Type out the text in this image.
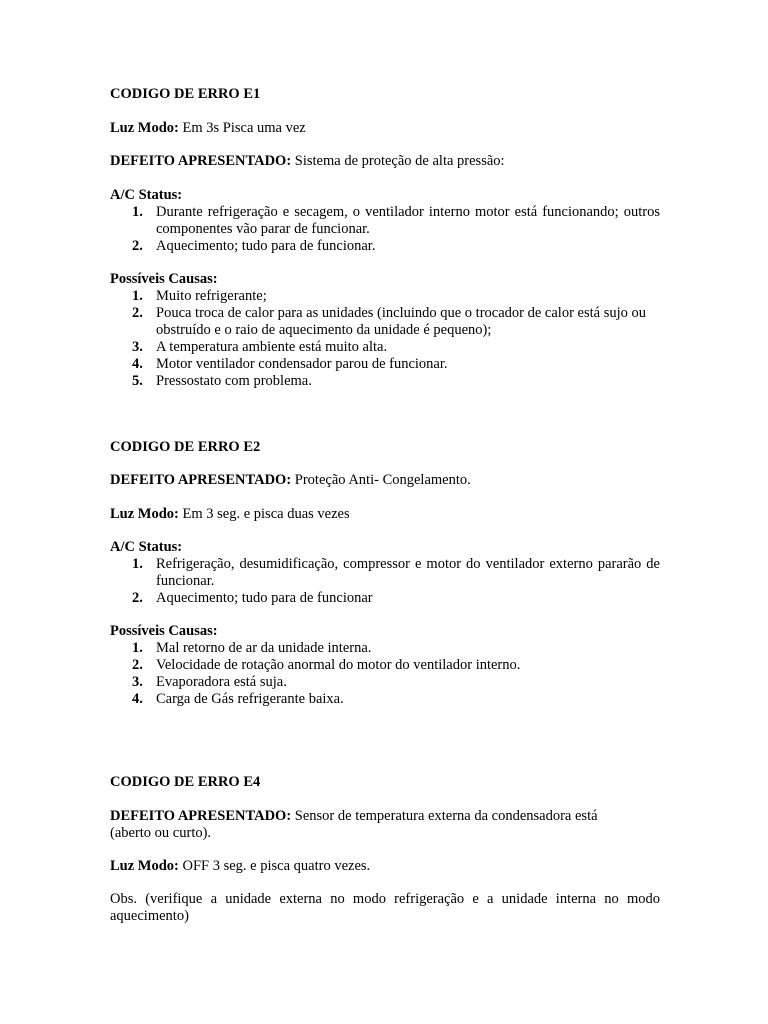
CODIGO DE ERRO E1

Luz Modo: Em 3s Pisca uma vez

DEFEITO APRESENTADO: Sistema de proteção de alta pressão:

A/C Status:

1. Durante refrigeração e secagem, o ventilador interno motor está funcionando; outros componentes vão parar de funcionar.
2. Aquecimento; tudo para de funcionar.

Possíveis Causas:

1. Muito refrigerante;
2. Pouca troca de calor para as unidades (incluindo que o trocador de calor está sujo ou obstruído e o raio de aquecimento da unidade é pequeno);
3. A temperatura ambiente está muito alta.
4. Motor ventilador condensador parou de funcionar.
5. Pressostato com problema.

CODIGO DE ERRO E2

DEFEITO APRESENTADO: Proteção Anti- Congelamento.

Luz Modo: Em 3 seg. e pisca duas vezes

A/C Status:

1. Refrigeração, desumidificação, compressor e motor do ventilador externo pararão de funcionar.
2. Aquecimento; tudo para de funcionar

Possíveis Causas:

1. Mal retorno de ar da unidade interna.
2. Velocidade de rotação anormal do motor do ventilador interno.
3. Evaporadora está suja.
4. Carga de Gás refrigerante baixa.

CODIGO DE ERRO E4

DEFEITO APRESENTADO: Sensor de temperatura externa da condensadora está (aberto ou curto).

Luz Modo: OFF 3 seg. e pisca quatro vezes.

Obs. (verifique a unidade externa no modo refrigeração e a unidade interna no modo aquecimento)
